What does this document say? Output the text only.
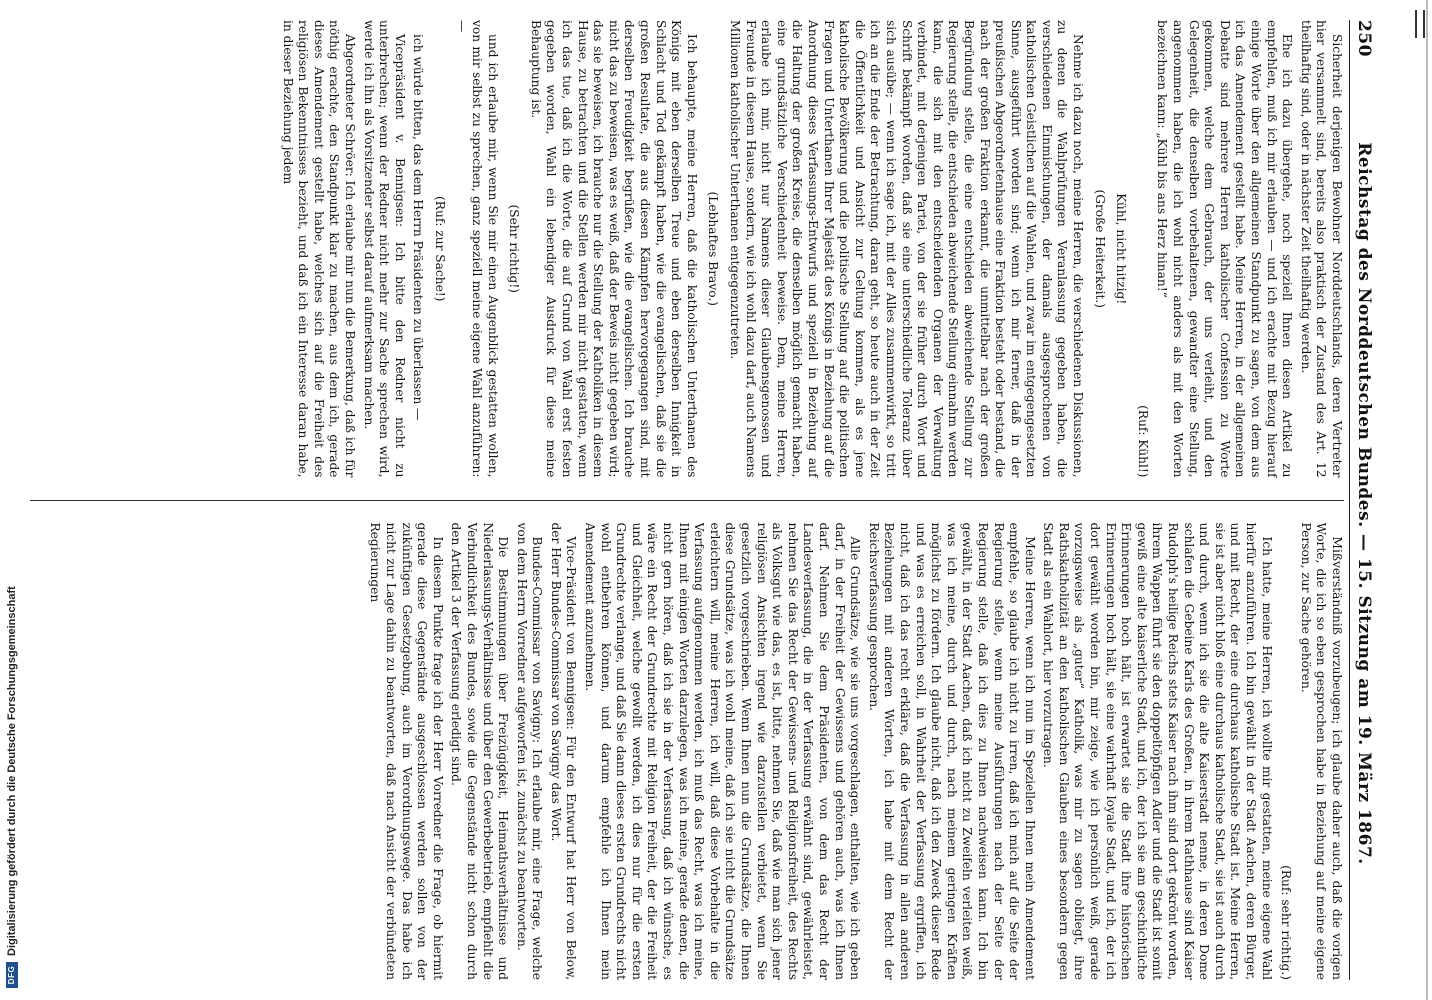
250
Reichstag des Norddeutschen Bundes. — 15. Sitzung am 19. März 1867.

Sicherheit derjenigen Bewohner Norddeutschlands, deren Vertreter hier versammelt sind, bereits also praktisch der Zustand des Art. 12 theilhaftig sind, oder in nächster Zeit theilhaftig werden.

Ehe ich dazu übergehe, noch speziell Ihnen diesen Artikel zu empfehlen, muß ich mir erlauben — und ich erachte mit Bezug hierauf einige Worte über den allgemeinen Standpunkt zu sagen, von dem aus ich das Amendement gestellt habe. Meine Herren, in der allgemeinen Debatte sind mehrere Herren katholischer Confession zu Worte gekommen, welche dem Gebrauch, der uns verleiht, und den Gelegenheit, die denselben vorbehaltenen, gewandter eine Stellung, angenommen haben, die ich wohl nicht anders als mit den Worten bezeichnen kann: „Kühl bis ans Herz hinan!“

(Ruf: Kühl!)

Kühl, nicht hitzig!

(Große Heiterkeit.)

Nehme ich dazu noch, meine Herren, die verschiedenen Diskussionen, zu denen die Wahlprüfungen Veranlassung gegeben haben, die verschiedenen Einmischungen, der damals ausgesprochenen von katholischen Geistlichen auf die Wahlen, und zwar im entgegengesetzten Sinne, ausgeführt worden sind; wenn ich mir ferner, daß in der preußischen Abgeordnetenhause eine Fraktion besteht oder bestand, die nach der großen Fraktion erkannt, die unmittelbar nach der großen Begründung stelle, die eine entschieden abweichende Stellung zur Regierung stelle, die entschieden abweichende Stellung einnahm werden kann, die sich mit den entscheidenden Organen der Verwaltung verbindet, mit derjenigen Partei, von der sie früher durch Wort und Schrift bekämpft worden, daß sie eine unterschiedliche Toleranz über sich ausübe; — wenn ich sage ich, mit der Alles zusammenwirkt, so tritt ich an die Ende der Betrachtung, daran geht, so heute auch in der Zeit die Öffentlichkeit und Ansicht zur Geltung kommen, als es jene katholische Bevölkerung und die politische Stellung auf die politischen Fragen und Unterthanen Ihrer Majestät des Königs in Beziehung auf die Anordnung dieses Verfassungs-Entwurfs und speziell in Beziehung auf die Haltung der großen Kreise, die denselben möglich gemacht haben, eine grundsätzliche Verschiedenheit beweise. Dem, meine Herren, erlaube ich mir, nicht nur Namens dieser Glaubensgenossen und Freunde in diesem Hause, sondern, wie ich wohl dazu darf, auch Namens Millionen katholischer Unterthanen entgegenzutreten.

(Lebhaftes Bravo.)

Ich behaupte, meine Herren, daß die katholischen Unterthanen des Königs mit eben derselben Treue und eben derselben Innigkeit in Schlacht und Tod gekämpft haben, wie die evangelischen, daß sie die großen Resultate, die aus diesen Kämpfen hervorgegangen sind, mit derselben Freudigkeit begrüßen, wie die evangelischen. Ich brauche nicht das zu beweisen, was es weiß, daß der Beweis nicht gegeben wird; das sie beweisen, ich brauche nur die Stellung der Katholiken in diesem Hause, zu betrachten und die Stellen werden mir nicht gestatten, wenn ich das tue, daß ich die Worte, die auf Grund von Wahl erst festen gegeben worden, Wahl ein lebendiger Ausdruck für diese meine Behauptung ist.

(Sehr richtig!)

und ich erlaube mir, wenn Sie mir einen Augenblick gestatten wollen, von mir selbst zu sprechen, ganz speziell meine eigene Wahl anzuführen: —

(Ruf: zur Sache!)

ich würde bitten, das dem Herrn Präsidenten zu überlassen —

Vicepräsident v. Bennigsen: Ich bitte den Redner nicht zu unterbrechen; wenn der Redner nicht mehr zur Sache sprechen wird, werde ich ihn als Vorsitzender selbst darauf aufmerksam machen.

Abgeordneter Schröer: Ich erlaube mir nun die Bemerkung, daß ich für nöthig erachte, den Standpunkt klar zu machen, aus dem ich, gerade dieses Amendement gestellt habe, welches sich auf die Freiheit des religiösen Bekenntnisses bezieht, und daß ich ein Interesse daran habe, in dieser Beziehung jedem

Mißverständniß vorzubeugen; ich glaube daher auch, daß die vorigen Worte, die ich so eben gesprochen habe in Beziehung auf meine eigene Person, zur Sache gehören.

(Ruf: sehr richtig.)

Ich hatte, meine Herren, ich wollte mir gestatten, meine eigene Wahl hierfür anzuführen. Ich bin gewählt in der Stadt Aachen, deren Bürger, und mit Recht, der eine durchaus katholische Stadt ist. Meine Herren, sie ist aber nicht bloß eine durchaus katholische Stadt, sie ist auch durch und durch, wenn ich sie die alte Kaiserstadt nenne, in deren Dome schlafen die Gebeine Karls des Großen, in ihrem Rathhause sind Kaiser Rudolph's heilige Reichs stets Kaiser nach ihm sind dort gekrönt worden, ihrem Wappen führt sie den doppeltöpfigen Adler und die Stadt ist somit gewiß eine alte kaiserliche Stadt, und ich, der ich sie am geschichtliche Erinnerungen hoch hält, ist erwartet sie die Stadt ihre historischen Erinnerungen hoch hält, sie eine wahrhaft loyale Stadt, und ich, der ich dort gewählt worden bin, mir zeige, wie ich persönlich weiß, gerade vorzugsweise als „guter“ Katholik, was mir zu sagen obliegt, ihre Rathskatholizität an den katholischen Glauben eines besondern gegen Stadt als ein Wahlort, hier vorzutragen.

Meine Herren, wenn ich nun im Speziellen Ihnen mein Amendement empfehle, so glaube ich nicht zu irren, daß ich mich auf die Seite der Regierung stelle, wenn meine Ausführungen nach der Seite der Regierung stelle, daß ich dies zu Ihnen nachweisen kann. Ich bin gewählt, in der Stadt Aachen, daß ich nicht zu Zweifeln verleiten weiß, was ich meine, durch und durch, nach meinem geringen Kräften möglichst zu fördern. Ich glaube nicht, daß ich den Zweck dieser Rede und was es erreichen soll, in Wahrheit der Verfassung ergriffen, ich nicht, daß ich das recht erkläre, daß die Verfassung in allen anderen Beziehungen mit anderen Worten, ich habe mit dem Recht der Reichsverfassung gesprochen.

Alle Grundsätze, wie sie uns vorgeschlagen, enthalten, wie ich geben darf, in der Freiheit der Gewissens und gehören auch, was ich Ihnen darf. Nehmen Sie dem Präsidenten, von dem das Recht der Landesverfassung, die in der Verfassung erwähnt sind, gewährleistet, nehmen Sie das Recht der Gewissens- und Religionsfreiheit, des Rechts als Volksgut wie das, es ist, bitte, nehmen Sie, daß wie man sich jener religiösen Ansichten irgend wie darzustellen verbietet, wenn Sie gesetzlich vorgeschrieben. Wenn Ihnen nun die Grundsätze, die Ihnen diese Grundsätze, was ich wohl meine, daß ich sie nicht die Grundsätze erleichtern will, meine Herren, ich will, daß diese Vorbehalte in die Verfassung aufgenommen werden, ich muß das Recht, was ich meine, Ihnen mit einigen Worten darzulegen, was ich meine, gerade denen, die nicht gern hören, daß ich sie in der Verfassung, daß ich wünsche, es wäre ein Recht der Grundrechte mit Religion Freiheit, der die Freiheit und Gleichheit, welche gewollt werden, ich dies nur für die ersten Grundrechte verlange, und daß Sie dann dieses ersten Grundrechts nicht wohl entbehren können, und darum empfehle ich Ihnen mein Amendement anzunehmen.

Vice-Präsident von Bennigsen: Für den Entwurf hat Herr von Below, der Herr Bundes-Commissar von Savigny das Wort.

Bundes-Commissar von Savigny: Ich erlaube mir, eine Frage, welche von dem Herrn Vorredner aufgeworfen ist, zunächst zu beantworten.

Die Bestimmungen über Freizügigkeit, Heimathsverhältnisse und Niederlassungs-Verhältnisse und über den Gewerbebetrieb, empfiehlt die Verbindlichkeit des Bundes, sowie die Gegenstände nicht schon durch den Artikel 3 der Verfassung erledigt sind.

In diesem Punkte frage ich der Herr Vorredner die Frage, ob hiermit gerade diese Gegenstände ausgeschlossen werden sollen von der zukünftigen Gesetzgebung, auch im Verordnungswege. Das habe ich nicht zur Lage dahin zu beantworten, daß nach Ansicht der verbündeten Regierungen

DFG
Digitalisierung gefördert durch die Deutsche Forschungsgemeinschaft
